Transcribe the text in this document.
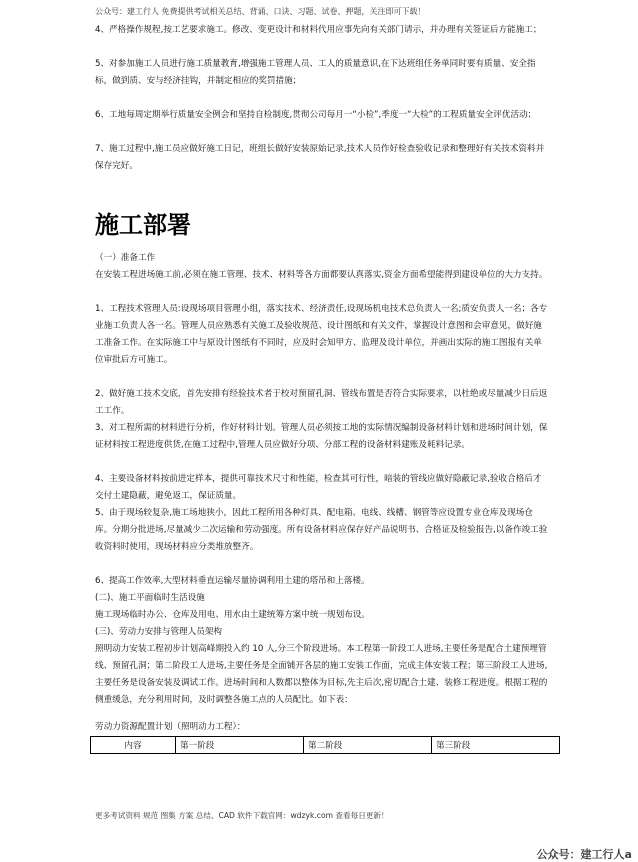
公众号：建工行人 免费提供考试相关总结、背诵、口诀、习题、试卷、押题，关注即可下载！

4、严格操作规程,按工艺要求施工。修改、变更设计和材料代用应事先向有关部门请示，并办理有关签证后方能施工；

5、对参加施工人员进行施工质量教育,增强施工管理人员、工人的质量意识,在下达班组任务单同时要有质量、安全指标，做到质、安与经济挂钩，并制定相应的奖罚措施；

6、工地每周定期举行质量安全例会和坚持自检制度,贯彻公司每月一“小检”,季度一“大检”的工程质量安全评优活动；

7、施工过程中,施工员应做好施工日记，班组长做好安装原始记录,技术人员作好检查验收记录和整理好有关技术资料并保存完好。

施工部署

（一）准备工作

在安装工程进场施工前,必须在施工管理、技术、材料等各方面都要认真落实,资金方面希望能得到建设单位的大力支持。

1、工程技术管理人员:设现场项目管理小组，落实技术、经济责任,设现场机电技术总负责人一名;质安负责人一名；各专业施工负责人各一名。管理人员应熟悉有关施工及验收规范、设计图纸和有关文件，掌握设计意图和会审意见，做好施工准备工作。在实际施工中与原设计图纸有不同时，应及时会知甲方、监理及设计单位，并画出实际的施工图报有关单位审批后方可施工。

2、做好施工技术交底，首先安排有经验技术者于校对预留孔洞、管线布置是否符合实际要求，以杜绝或尽量减少日后返工工作。

3、对工程所需的材料进行分析，作好材料计划。管理人员必须按工地的实际情况编制设备材料计划和进场时间计划，保证材料按工程进度供货,在施工过程中,管理人员应做好分项、分部工程的设备材料建账及耗料记录。

4、主要设备材料按前进定样本，提供可靠技术尺寸和性能，检查其可行性，暗装的管线应做好隐蔽记录,验收合格后才交付土建隐蔽，避免返工，保证质量。

5、由于现场较复杂,施工场地狭小，因此工程所用各种灯具、配电箱、电线、线槽、钢管等应设置专业仓库及现场仓库。分期分批进场,尽量减少二次运输和劳动强度。所有设备材料应保存好产品说明书、合格证及检验报告,以备作竣工验收资料时使用，现场材料应分类堆放整齐。

6、提高工作效率,大型材料垂直运输尽量协调利用土建的塔吊和上落楼。

(二)、施工平面临时生活设施

施工现场临时办公、仓库及用电、用水由土建统筹方案中统一规划布设。

(三)、劳动力安排与管理人员架构

照明动力安装工程初步计划高峰期投入约 10 人,分三个阶段进场。本工程第一阶段工人进场,主要任务是配合土建预埋管线、预留孔洞；第二阶段工人进场,主要任务是全面铺开各层的施工安装工作面，完成主体安装工程；第三阶段工人进场,主要任务是设备安装及调试工作。进场时间和人数都以整体为目标,先主后次,密切配合土建、装修工程进度。根据工程的侧重缓急，充分利用时间，及时调整各施工点的人员配比。如下表：

劳动力资源配置计划（照明动力工程）：

内容	第一阶段	第二阶段	第三阶段
更多考试资料 规范 图集 方案 总结、CAD 软件下载官网：wdzyk.com 查看每日更新！
公众号：建工行人a
